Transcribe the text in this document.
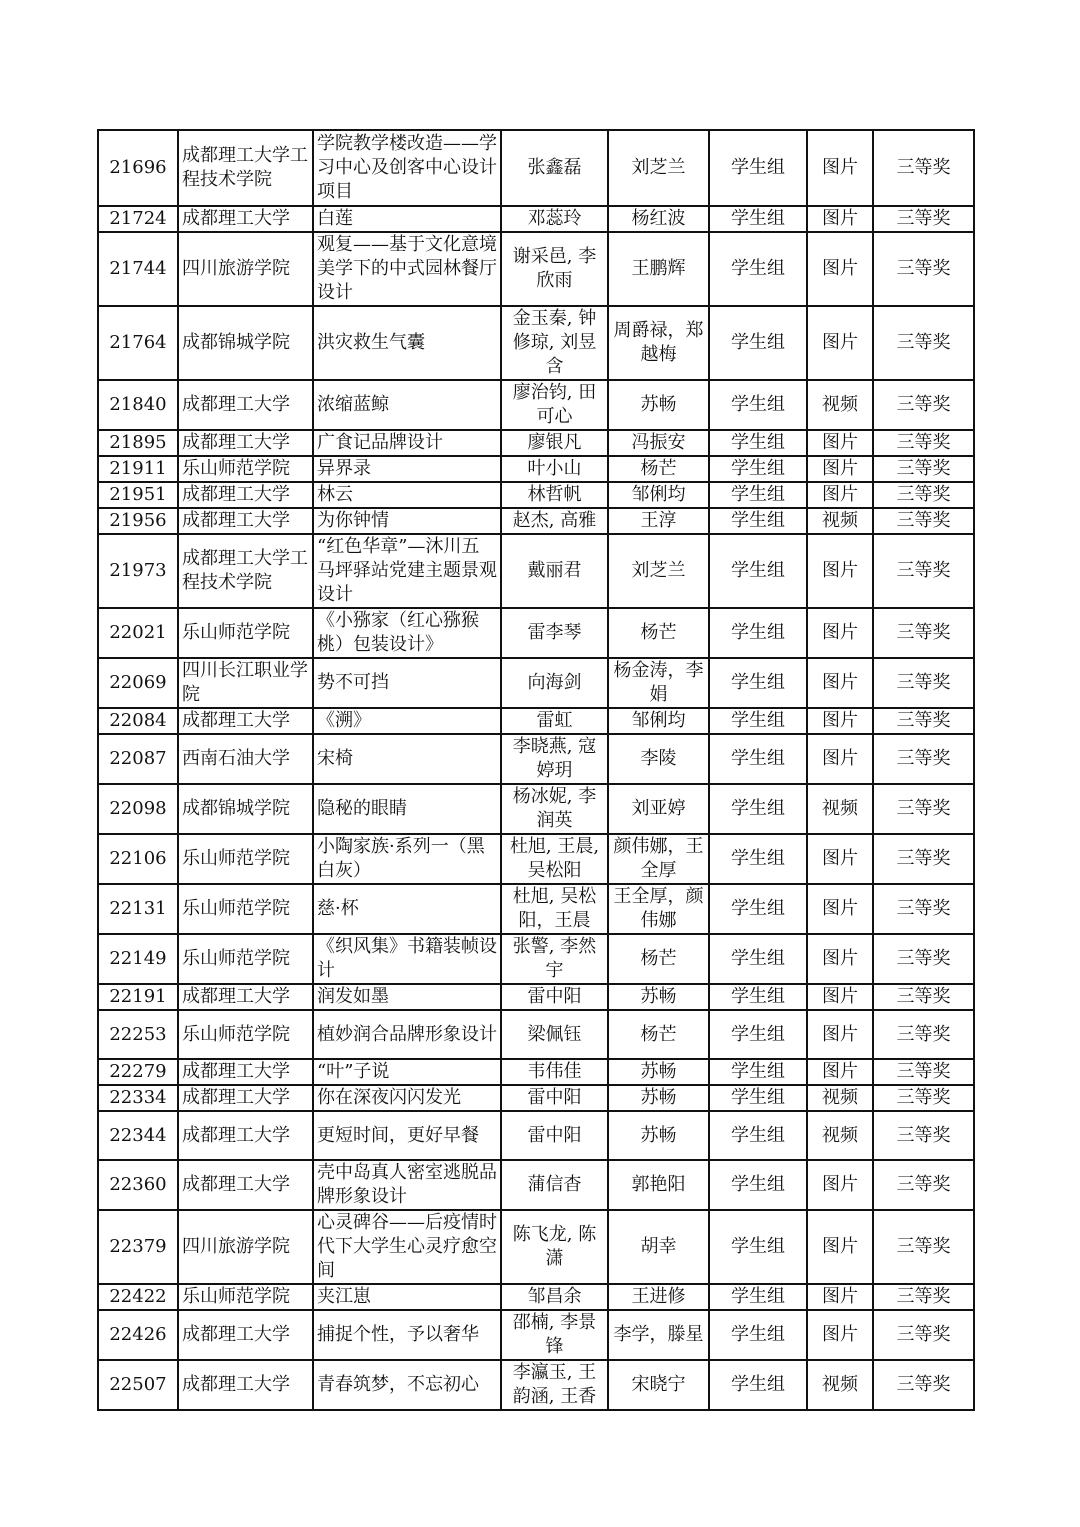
21696	成都理工大学工程技术学院	学院教学楼改造——学习中心及创客中心设计项目	张鑫磊	刘芝兰	学生组	图片	三等奖
21724	成都理工大学	白莲	邓蕊玲	杨红波	学生组	图片	三等奖
21744	四川旅游学院	观复——基于文化意境美学下的中式园林餐厅设计	谢采邑, 李欣雨	王鹏辉	学生组	图片	三等奖
21764	成都锦城学院	洪灾救生气囊	金玉秦, 钟修琼, 刘昱含	周爵禄，郑越梅	学生组	图片	三等奖
21840	成都理工大学	浓缩蓝鲸	廖治钧, 田可心	苏畅	学生组	视频	三等奖
21895	成都理工大学	广食记品牌设计	廖银凡	冯振安	学生组	图片	三等奖
21911	乐山师范学院	异界录	叶小山	杨芒	学生组	图片	三等奖
21951	成都理工大学	林云	林哲帆	邹俐均	学生组	图片	三等奖
21956	成都理工大学	为你钟情	赵杰, 高雅	王淳	学生组	视频	三等奖
21973	成都理工大学工程技术学院	“红色华章”—沐川五马坪驿站党建主题景观设计	戴丽君	刘芝兰	学生组	图片	三等奖
22021	乐山师范学院	《小猕家（红心猕猴桃）包装设计》	雷李琴	杨芒	学生组	图片	三等奖
22069	四川长江职业学院	势不可挡	向海剑	杨金涛，李娟	学生组	图片	三等奖
22084	成都理工大学	《溯》	雷虹	邹俐均	学生组	图片	三等奖
22087	西南石油大学	宋椅	李晓燕, 寇婷玥	李陵	学生组	图片	三等奖
22098	成都锦城学院	隐秘的眼睛	杨冰妮, 李润英	刘亚婷	学生组	视频	三等奖
22106	乐山师范学院	小陶家族·系列一（黑白灰）	杜旭, 王晨, 吴松阳	颜伟娜，王全厚	学生组	图片	三等奖
22131	乐山师范学院	慈·杯	杜旭, 吴松阳，王晨	王全厚，颜伟娜	学生组	图片	三等奖
22149	乐山师范学院	《织风集》书籍装帧设计	张警, 李然宇	杨芒	学生组	图片	三等奖
22191	成都理工大学	润发如墨	雷中阳	苏畅	学生组	图片	三等奖
22253	乐山师范学院	植妙润合品牌形象设计	梁佩钰	杨芒	学生组	图片	三等奖
22279	成都理工大学	“叶”子说	韦伟佳	苏畅	学生组	图片	三等奖
22334	成都理工大学	你在深夜闪闪发光	雷中阳	苏畅	学生组	视频	三等奖
22344	成都理工大学	更短时间，更好早餐	雷中阳	苏畅	学生组	视频	三等奖
22360	成都理工大学	壳中岛真人密室逃脱品牌形象设计	蒲信杳	郭艳阳	学生组	图片	三等奖
22379	四川旅游学院	心灵碑谷——后疫情时代下大学生心灵疗愈空间	陈飞龙, 陈潇	胡幸	学生组	图片	三等奖
22422	乐山师范学院	夹江崽	邹昌余	王进修	学生组	图片	三等奖
22426	成都理工大学	捕捉个性，予以奢华	邵楠, 李景锋	李学，滕星	学生组	图片	三等奖
22507	成都理工大学	青春筑梦，不忘初心	李瀛玉, 王韵涵, 王香	宋晓宁	学生组	视频	三等奖
